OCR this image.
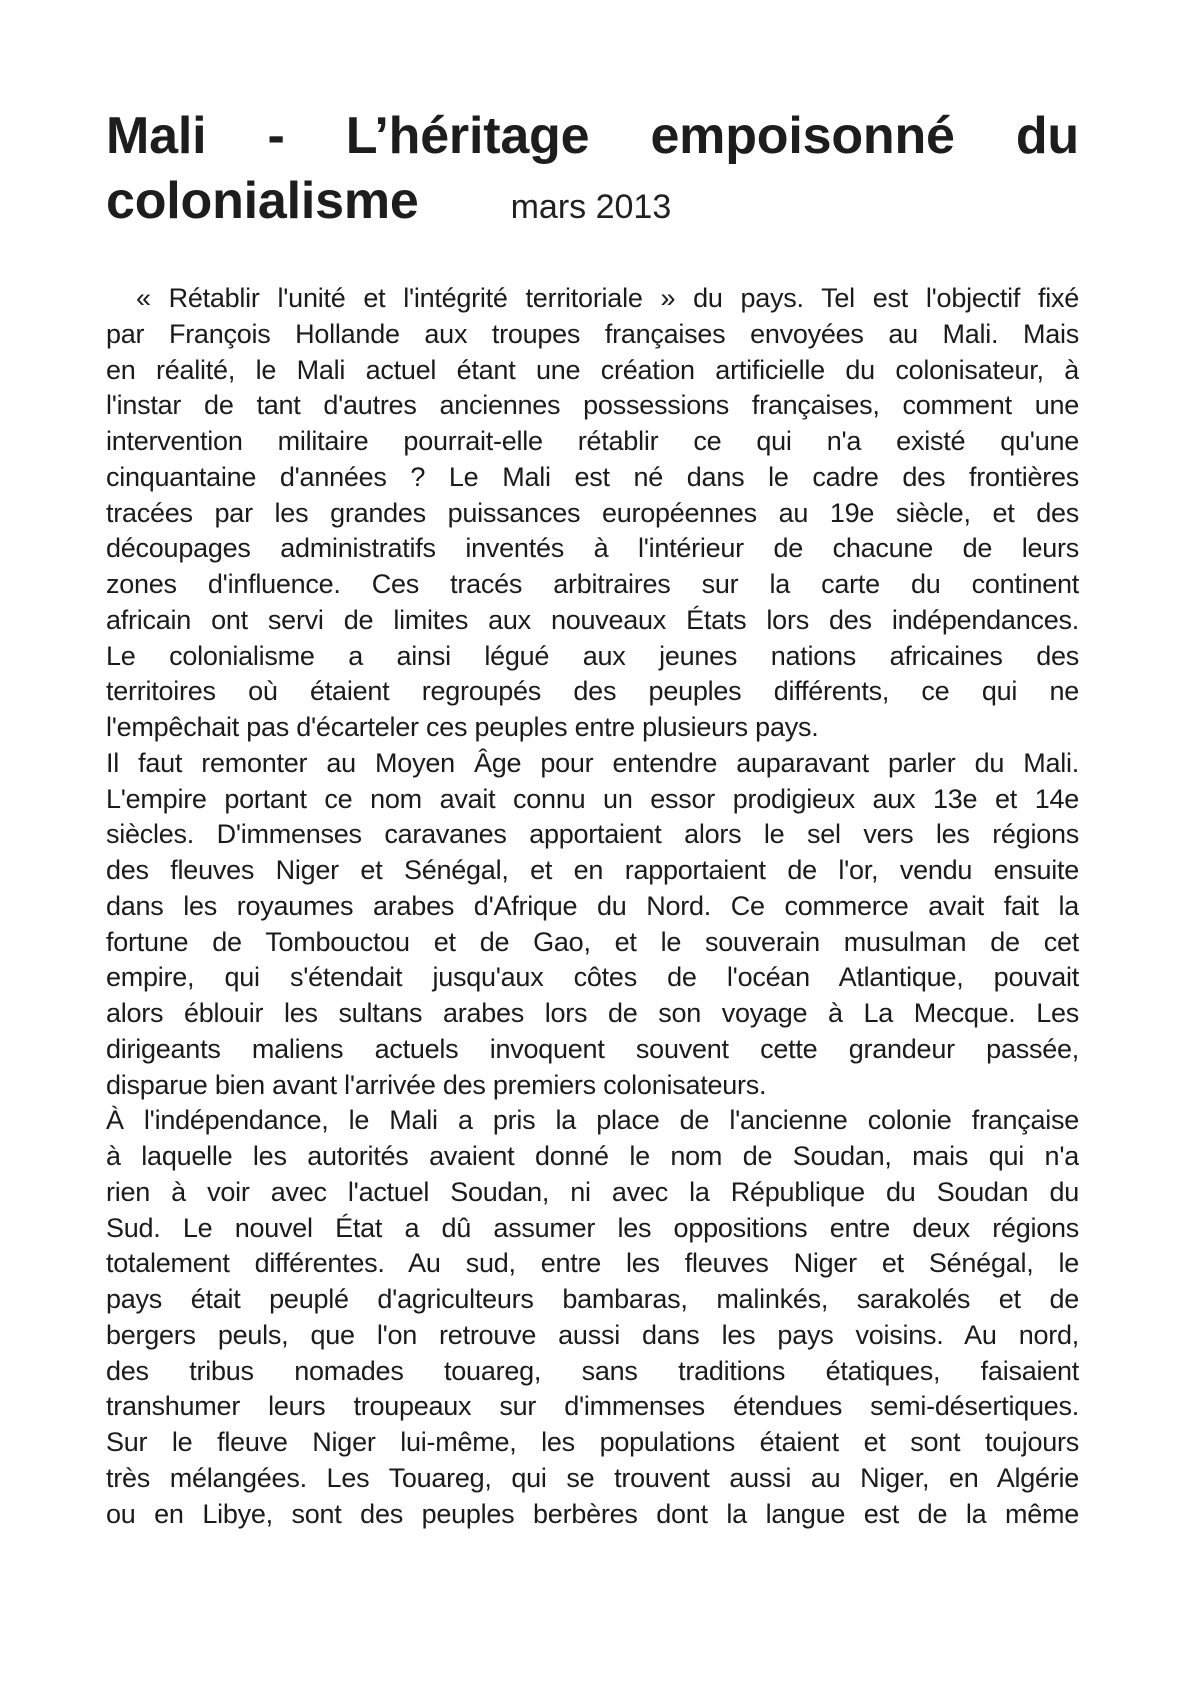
Mali - L’héritage empoisonné du
colonialisme	mars 2013
« Rétablir l'unité et l'intégrité territoriale » du pays. Tel est l'objectif fixé
par François Hollande aux troupes françaises envoyées au Mali. Mais
en réalité, le Mali actuel étant une création artificielle du colonisateur, à
l'instar de tant d'autres anciennes possessions françaises, comment une
intervention militaire pourrait-elle rétablir ce qui n'a existé qu'une
cinquantaine d'années ? Le Mali est né dans le cadre des frontières
tracées par les grandes puissances européennes au 19e siècle, et des
découpages administratifs inventés à l'intérieur de chacune de leurs
zones d'influence. Ces tracés arbitraires sur la carte du continent
africain ont servi de limites aux nouveaux États lors des indépendances.
Le colonialisme a ainsi légué aux jeunes nations africaines des
territoires où étaient regroupés des peuples différents, ce qui ne
l'empêchait pas d'écarteler ces peuples entre plusieurs pays.
Il faut remonter au Moyen Âge pour entendre auparavant parler du Mali.
L'empire portant ce nom avait connu un essor prodigieux aux 13e et 14e
siècles. D'immenses caravanes apportaient alors le sel vers les régions
des fleuves Niger et Sénégal, et en rapportaient de l'or, vendu ensuite
dans les royaumes arabes d'Afrique du Nord. Ce commerce avait fait la
fortune de Tombouctou et de Gao, et le souverain musulman de cet
empire, qui s'étendait jusqu'aux côtes de l'océan Atlantique, pouvait
alors éblouir les sultans arabes lors de son voyage à La Mecque. Les
dirigeants maliens actuels invoquent souvent cette grandeur passée,
disparue bien avant l'arrivée des premiers colonisateurs.
À l'indépendance, le Mali a pris la place de l'ancienne colonie française
à laquelle les autorités avaient donné le nom de Soudan, mais qui n'a
rien à voir avec l'actuel Soudan, ni avec la République du Soudan du
Sud. Le nouvel État a dû assumer les oppositions entre deux régions
totalement différentes. Au sud, entre les fleuves Niger et Sénégal, le
pays était peuplé d'agriculteurs bambaras, malinkés, sarakolés et de
bergers peuls, que l'on retrouve aussi dans les pays voisins. Au nord,
des tribus nomades touareg, sans traditions étatiques, faisaient
transhumer leurs troupeaux sur d'immenses étendues semi-désertiques.
Sur le fleuve Niger lui-même, les populations étaient et sont toujours
très mélangées. Les Touareg, qui se trouvent aussi au Niger, en Algérie
ou en Libye, sont des peuples berbères dont la langue est de la même
